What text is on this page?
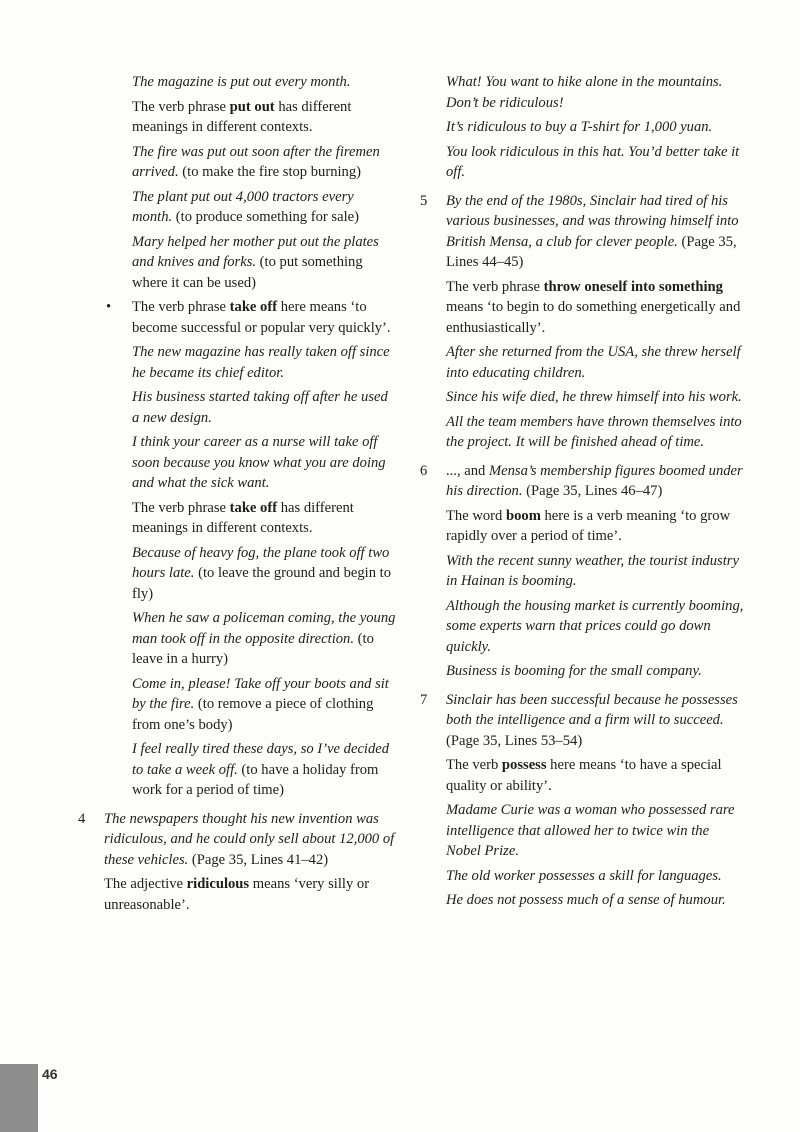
The magazine is put out every month.

The verb phrase put out has different meanings in different contexts.

The fire was put out soon after the firemen arrived. (to make the fire stop burning)

The plant put out 4,000 tractors every month. (to produce something for sale)

Mary helped her mother put out the plates and knives and forks. (to put something where it can be used)

• The verb phrase take off here means ‘to become successful or popular very quickly’.

The new magazine has really taken off since he became its chief editor.

His business started taking off after he used a new design.

I think your career as a nurse will take off soon because you know what you are doing and what the sick want.

The verb phrase take off has different meanings in different contexts.

Because of heavy fog, the plane took off two hours late. (to leave the ground and begin to fly)

When he saw a policeman coming, the young man took off in the opposite direction. (to leave in a hurry)

Come in, please! Take off your boots and sit by the fire. (to remove a piece of clothing from one’s body)

I feel really tired these days, so I’ve decided to take a week off. (to have a holiday from work for a period of time)

4 The newspapers thought his new invention was ridiculous, and he could only sell about 12,000 of these vehicles. (Page 35, Lines 41–42)

The adjective ridiculous means ‘very silly or unreasonable’.

What! You want to hike alone in the mountains. Don’t be ridiculous!

It’s ridiculous to buy a T-shirt for 1,000 yuan.

You look ridiculous in this hat. You’d better take it off.

5 By the end of the 1980s, Sinclair had tired of his various businesses, and was throwing himself into British Mensa, a club for clever people. (Page 35, Lines 44–45)

The verb phrase throw oneself into something means ‘to begin to do something energetically and enthusiastically’.

After she returned from the USA, she threw herself into educating children.

Since his wife died, he threw himself into his work.

All the team members have thrown themselves into the project. It will be finished ahead of time.

6 ..., and Mensa’s membership figures boomed under his direction. (Page 35, Lines 46–47)

The word boom here is a verb meaning ‘to grow rapidly over a period of time’.

With the recent sunny weather, the tourist industry in Hainan is booming.

Although the housing market is currently booming, some experts warn that prices could go down quickly.

Business is booming for the small company.

7 Sinclair has been successful because he possesses both the intelligence and a firm will to succeed. (Page 35, Lines 53–54)

The verb possess here means ‘to have a special quality or ability’.

Madame Curie was a woman who possessed rare intelligence that allowed her to twice win the Nobel Prize.

The old worker possesses a skill for languages.

He does not possess much of a sense of humour.

46
